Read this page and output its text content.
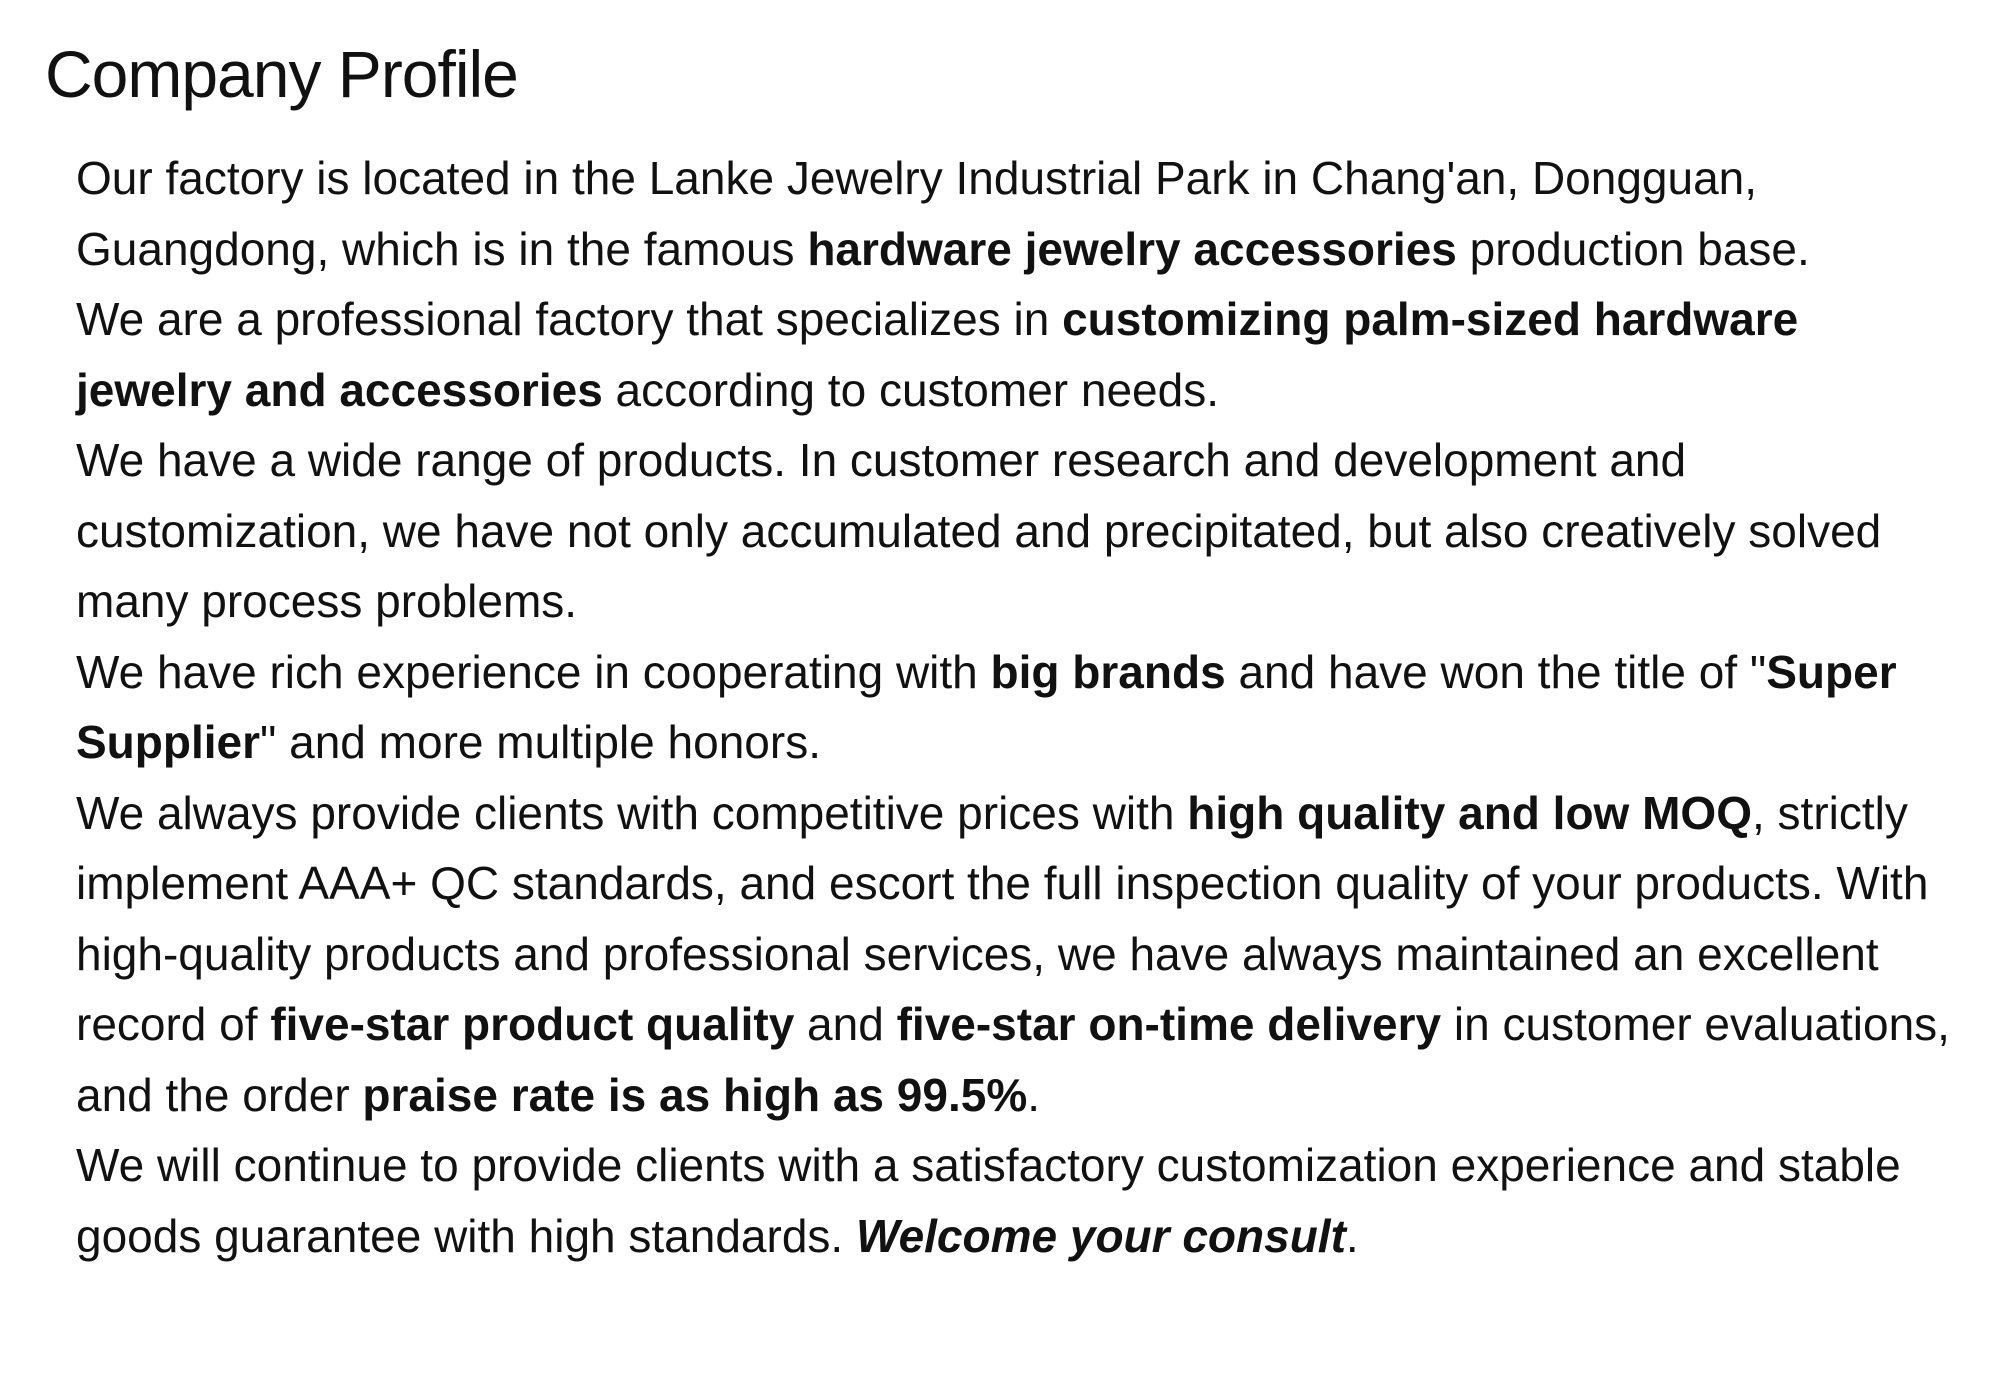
Company Profile

Our factory is located in the Lanke Jewelry Industrial Park in Chang'an, Dongguan, Guangdong, which is in the famous hardware jewelry accessories production base.

We are a professional factory that specializes in customizing palm-sized hardware jewelry and accessories according to customer needs.

We have a wide range of products. In customer research and development and customization, we have not only accumulated and precipitated, but also creatively solved many process problems.

We have rich experience in cooperating with big brands and have won the title of "Super Supplier" and more multiple honors.

We always provide clients with competitive prices with high quality and low MOQ, strictly implement AAA+ QC standards, and escort the full inspection quality of your products. With high-quality products and professional services, we have always maintained an excellent record of five-star product quality and five-star on-time delivery in customer evaluations, and the order praise rate is as high as 99.5%.

We will continue to provide clients with a satisfactory customization experience and stable goods guarantee with high standards. Welcome your consult.
